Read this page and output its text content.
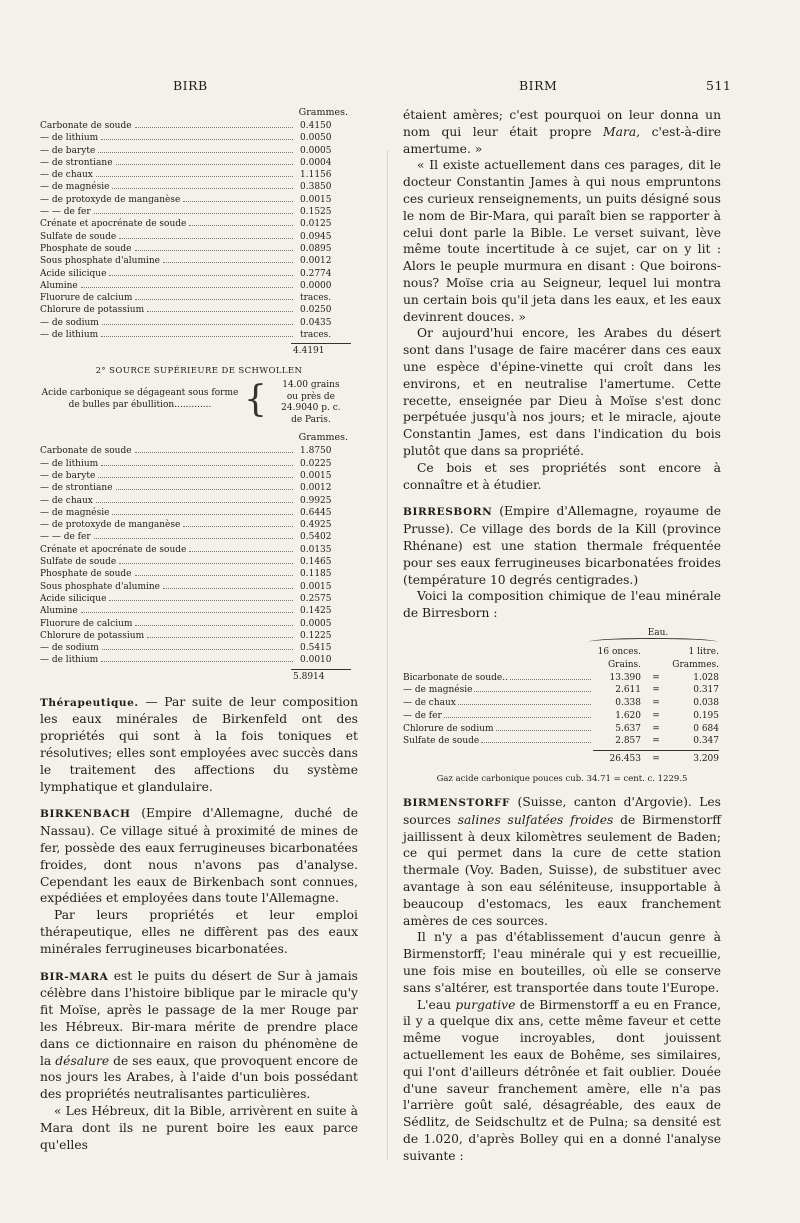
BIRB	BIRM	511
Grammes.
Carbonate de soude	0.4150
— de lithium	0.0050
— de baryte	0.0005
— de strontiane	0.0004
— de chaux	1.1156
— de magnésie	0.3850
— de protoxyde de manganèse	0.0015
— — de fer	0.1525
Crénate et apocrénate de soude	0.0125
Sulfate de soude	0.0945
Phosphate de soude	0.0895
Sous phosphate d'alumine	0.0012
Acide silicique	0.2774
Alumine	0.0000
Fluorure de calcium	traces.
Chlorure de potassium	0.0250
— de sodium	0.0435
— de lithium	traces.
4.4191
2° SOURCE SUPÉRIEURE DE SCHWOLLEN
Acide carbonique se dégageant sous forme
de bulles par ébullition............. {	14.00 grains
ou près de
24.9040 p. c.
de Paris.
Grammes.
Carbonate de soude	1.8750
— de lithium	0.0225
— de baryte	0.0015
— de strontiane	0.0012
— de chaux	0.9925
— de magnésie	0.6445
— de protoxyde de manganèse	0.4925
— — de fer	0.5402
Crénate et apocrénate de soude	0.0135
Sulfate de soude	0.1465
Phosphate de soude	0.1185
Sous phosphate d'alumine	0.0015
Acide silicique	0.2575
Alumine	0.1425
Fluorure de calcium	0.0005
Chlorure de potassium	0.1225
— de sodium	0.5415
— de lithium	0.0010
5.8914

Thérapeutique. — Par suite de leur composition les eaux minérales de Birkenfeld ont des propriétés qui sont à la fois toniques et résolutives; elles sont employées avec succès dans le traitement des affections du système lymphatique et glandulaire.

BIRKENBACH (Empire d'Allemagne, duché de Nassau). Ce village situé à proximité de mines de fer, possède des eaux ferrugineuses bicarbonatées froides, dont nous n'avons pas d'analyse. Cependant les eaux de Birkenbach sont connues, expédiées et employées dans toute l'Allemagne.

Par leurs propriétés et leur emploi thérapeutique, elles ne diffèrent pas des eaux minérales ferrugineuses bicarbonatées.

BIR-MARA est le puits du désert de Sur à jamais célèbre dans l'histoire biblique par le miracle qu'y fit Moïse, après le passage de la mer Rouge par les Hébreux. Bir-mara mérite de prendre place dans ce dictionnaire en raison du phénomène de la désalure de ses eaux, que provoquent encore de nos jours les Arabes, à l'aide d'un bois possédant des propriétés neutralisantes particulières.

« Les Hébreux, dit la Bible, arrivèrent en suite à Mara dont ils ne purent boire les eaux parce qu'elles

étaient amères; c'est pourquoi on leur donna un nom qui leur était propre Mara, c'est-à-dire amertume. »

« Il existe actuellement dans ces parages, dit le docteur Constantin James à qui nous empruntons ces curieux renseignements, un puits désigné sous le nom de Bir-Mara, qui paraît bien se rapporter à celui dont parle la Bible. Le verset suivant, lève même toute incertitude à ce sujet, car on y lit : Alors le peuple murmura en disant : Que boirons-nous? Moïse cria au Seigneur, lequel lui montra un certain bois qu'il jeta dans les eaux, et les eaux devinrent douces. »

Or aujourd'hui encore, les Arabes du désert sont dans l'usage de faire macérer dans ces eaux une espèce d'épine-vinette qui croît dans les environs, et en neutralise l'amertume. Cette recette, enseignée par Dieu à Moïse s'est donc perpétuée jusqu'à nos jours; et le miracle, ajoute Constantin James, est dans l'indication du bois plutôt que dans sa propriété.

Ce bois et ses propriétés sont encore à connaître et à étudier.

BIRRESBORN (Empire d'Allemagne, royaume de Prusse). Ce village des bords de la Kill (province Rhénane) est une station thermale fréquentée pour ses eaux ferrugineuses bicarbonatées froides (température 10 degrés centigrades.)

Voici la composition chimique de l'eau minérale de Birresborn :

Eau.
16 onces.	1 litre.
Grains.	Grammes.
Bicarbonate de soude..	13.390	=	1.028
— de magnésie	2.611	=	0.317
— de chaux	0.338	=	0.038
— de fer	1.620	=	0.195
Chlorure de sodium	5.637	=	0 684
Sulfate de soude	2.857	=	0.347
26.453	=	3.209
Gaz acide carbonique pouces cub. 34.71 = cent. c. 1229.5

BIRMENSTORFF (Suisse, canton d'Argovie). Les sources salines sulfatées froides de Birmenstorff jaillissent à deux kilomètres seulement de Baden; ce qui permet dans la cure de cette station thermale (Voy. Baden, Suisse), de substituer avec avantage à son eau séléniteuse, insupportable à beaucoup d'estomacs, les eaux franchement amères de ces sources.

Il n'y a pas d'établissement d'aucun genre à Birmenstorff; l'eau minérale qui y est recueillie, une fois mise en bouteilles, où elle se conserve sans s'altérer, est transportée dans toute l'Europe.

L'eau purgative de Birmenstorff a eu en France, il y a quelque dix ans, cette même faveur et cette même vogue incroyables, dont jouissent actuellement les eaux de Bohême, ses similaires, qui l'ont d'ailleurs détrônée et fait oublier. Douée d'une saveur franchement amère, elle n'a pas l'arrière goût salé, désagréable, des eaux de Sédlitz, de Seidschultz et de Pulna; sa densité est de 1.020, d'après Bolley qui en a donné l'analyse suivante :
